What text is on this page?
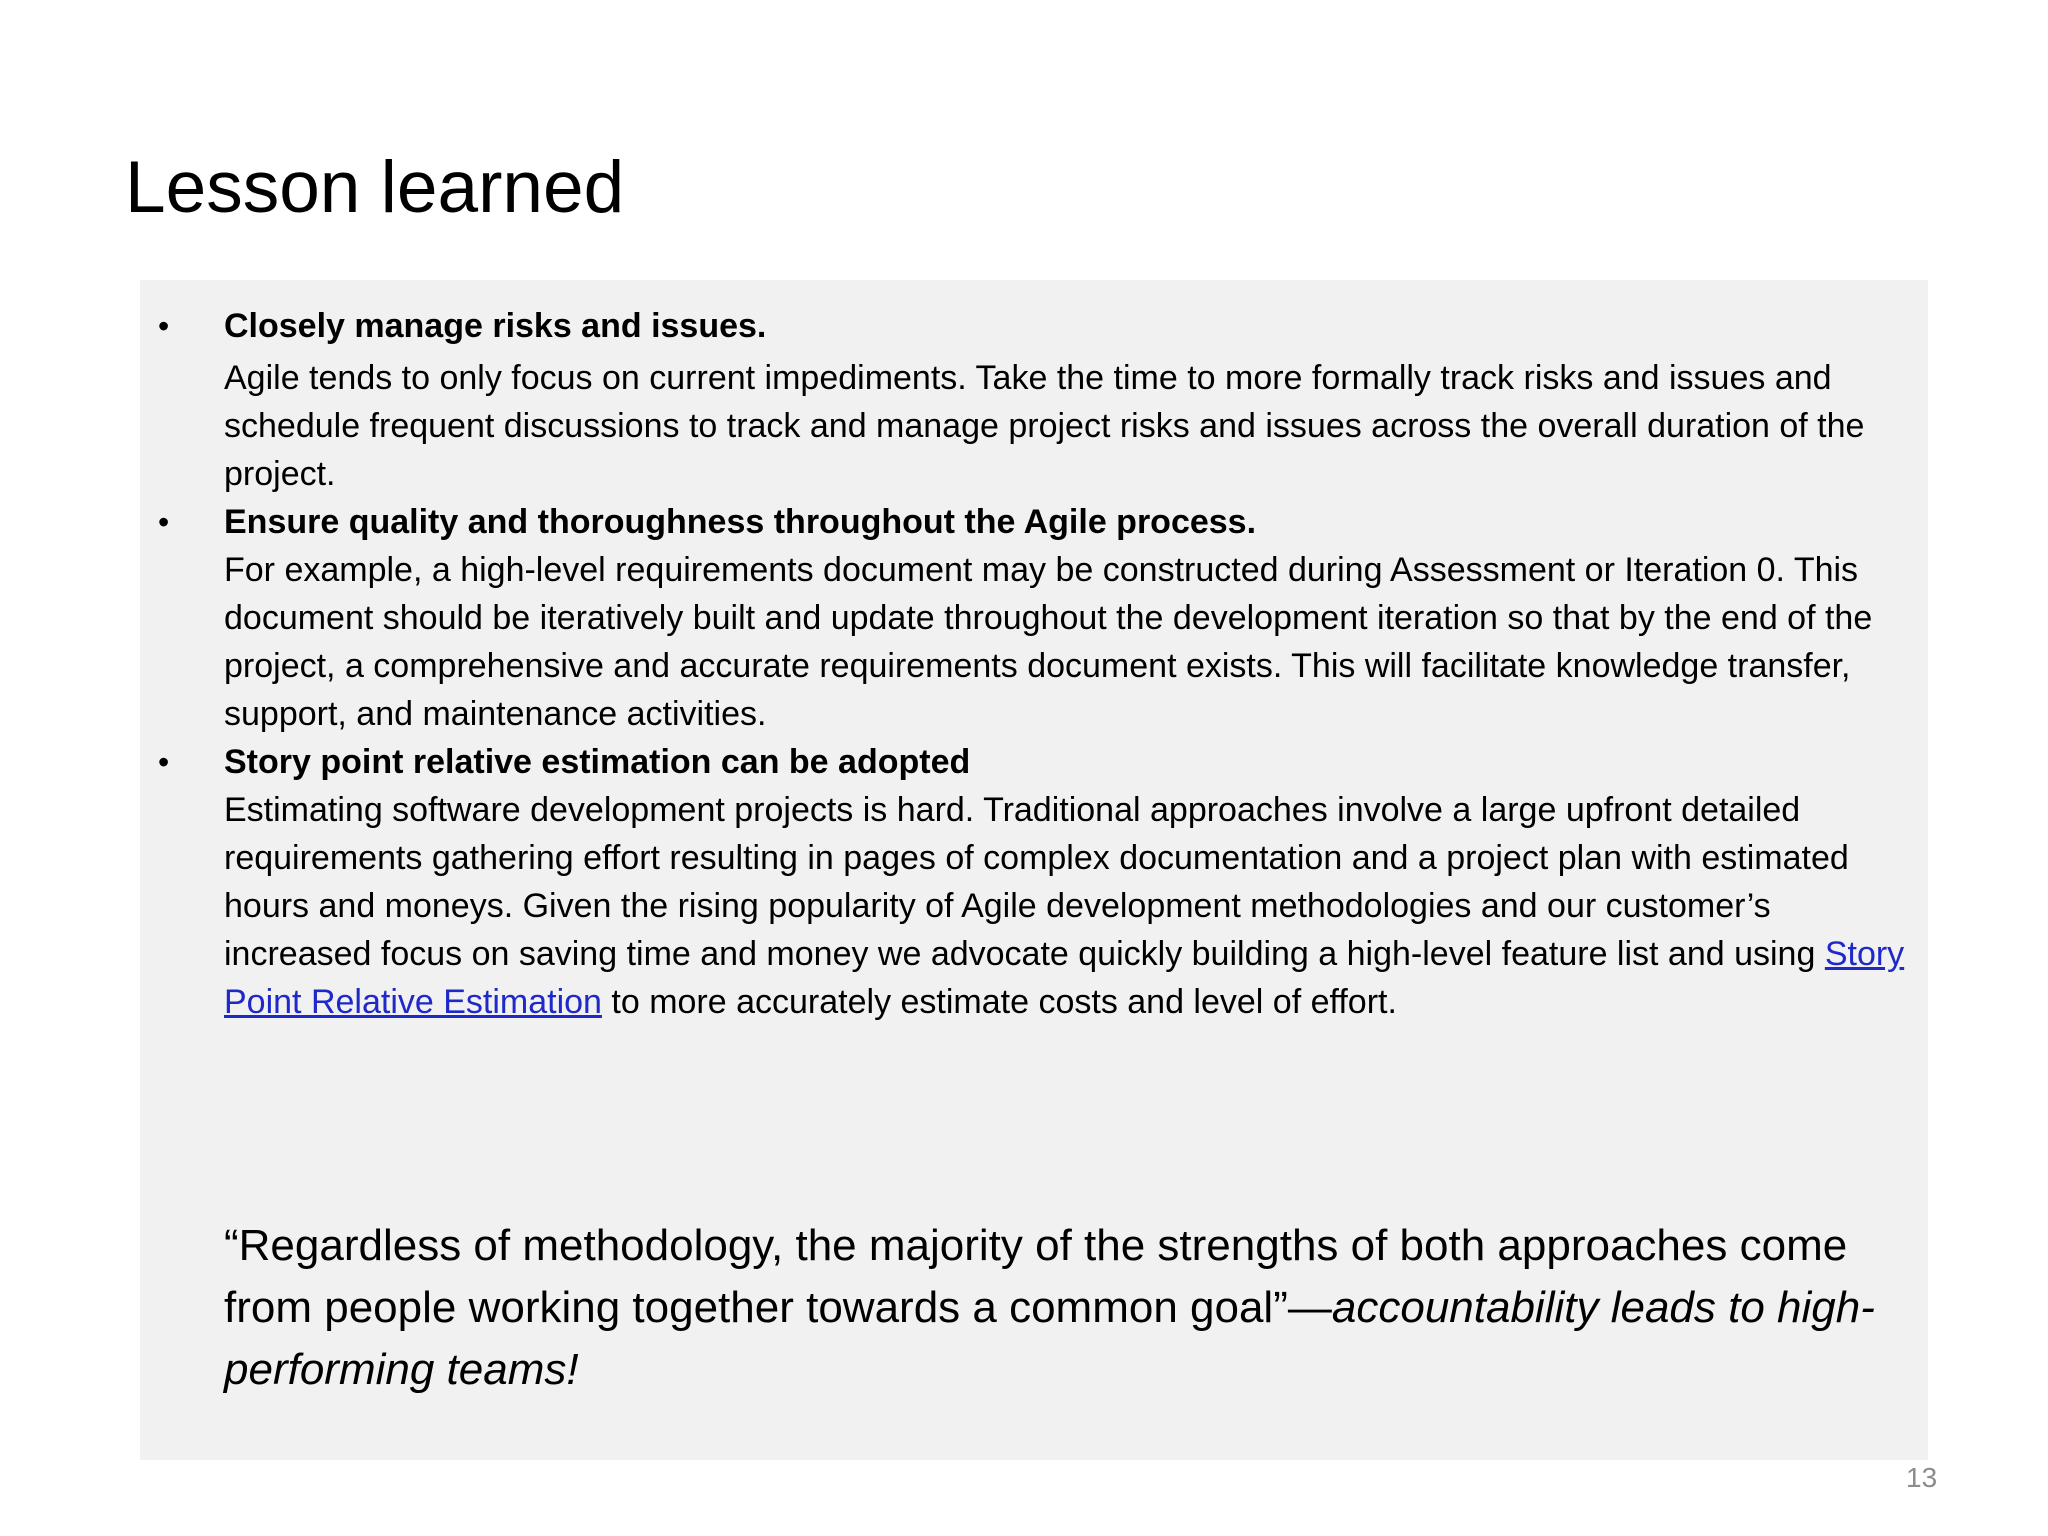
Lesson learned
• Closely manage risks and issues.
Agile tends to only focus on current impediments. Take the time to more formally track risks and issues and schedule frequent discussions to track and manage project risks and issues across the overall duration of the project.
• Ensure quality and thoroughness throughout the Agile process.
For example, a high-level requirements document may be constructed during Assessment or Iteration 0. This document should be iteratively built and update throughout the development iteration so that by the end of the project, a comprehensive and accurate requirements document exists. This will facilitate knowledge transfer, support, and maintenance activities.
• Story point relative estimation can be adopted
Estimating software development projects is hard. Traditional approaches involve a large upfront detailed requirements gathering effort resulting in pages of complex documentation and a project plan with estimated hours and moneys. Given the rising popularity of Agile development methodologies and our customer’s increased focus on saving time and money we advocate quickly building a high-level feature list and using Story Point Relative Estimation to more accurately estimate costs and level of effort.

“Regardless of methodology, the majority of the strengths of both approaches come from people working together towards a common goal”—accountability leads to high-performing teams!

13
